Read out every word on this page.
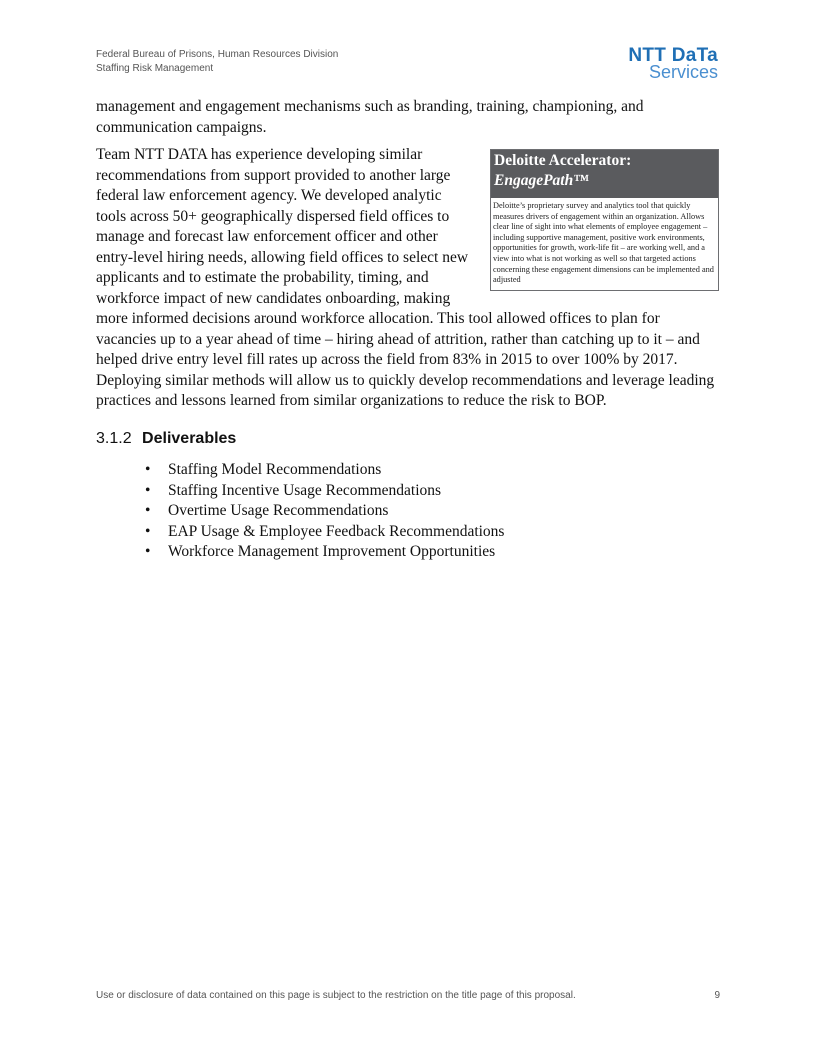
Federal Bureau of Prisons, Human Resources Division
Staffing Risk Management
NTT DaTa
Services
management and engagement mechanisms such as branding, training, championing, and communication campaigns.
Deloitte Accelerator:
EngagePath™
Deloitte’s proprietary survey and analytics tool that quickly measures drivers of engagement within an organization. Allows clear line of sight into what elements of employee engagement – including supportive management, positive work environments, opportunities for growth, work-life fit – are working well, and a view into what is not working as well so that targeted actions concerning these engagement dimensions can be implemented and adjusted

Team NTT DATA has experience developing similar recommendations from support provided to another large federal law enforcement agency. We developed analytic tools across 50+ geographically dispersed field offices to manage and forecast law enforcement officer and other entry-level hiring needs, allowing field offices to select new applicants and to estimate the probability, timing, and workforce impact of new candidates onboarding, making more informed decisions around workforce allocation. This tool allowed offices to plan for vacancies up to a year ahead of time – hiring ahead of attrition, rather than catching up to it – and helped drive entry level fill rates up across the field from 83% in 2015 to over 100% by 2017. Deploying similar methods will allow us to quickly develop recommendations and leverage leading practices and lessons learned from similar organizations to reduce the risk to BOP.

3.1.2 Deliverables
• Staffing Model Recommendations
• Staffing Incentive Usage Recommendations
• Overtime Usage Recommendations
• EAP Usage & Employee Feedback Recommendations
• Workforce Management Improvement Opportunities
Use or disclosure of data contained on this page is subject to the restriction on the title page of this proposal.	9
